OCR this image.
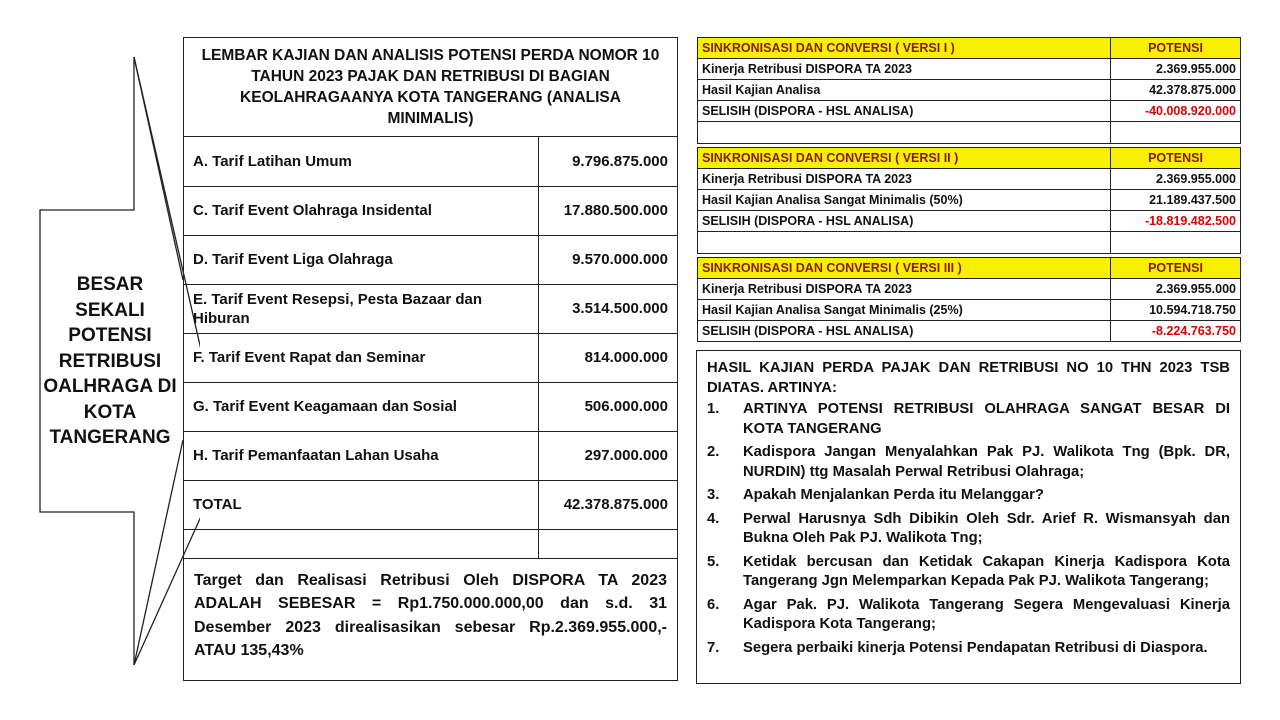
BESAR
SEKALI
POTENSI
RETRIBUSI
OALHRAGA DI
KOTA
TANGERANG
LEMBAR KAJIAN DAN ANALISIS POTENSI PERDA NOMOR 10 TAHUN 2023 PAJAK DAN RETRIBUSI DI BAGIAN KEOLAHRAGAANYA KOTA TANGERANG (ANALISA MINIMALIS)
A. Tarif Latihan Umum	9.796.875.000
C. Tarif Event Olahraga Insidental	17.880.500.000
D. Tarif Event Liga Olahraga	9.570.000.000
E. Tarif Event Resepsi, Pesta Bazaar dan Hiburan	3.514.500.000
F. Tarif Event Rapat dan Seminar	814.000.000
G. Tarif Event Keagamaan dan Sosial	506.000.000
H. Tarif Pemanfaatan Lahan Usaha	297.000.000
TOTAL	42.378.875.000

Target dan Realisasi Retribusi Oleh DISPORA TA 2023 ADALAH SEBESAR = Rp1.750.000.000,00 dan s.d. 31 Desember 2023 direalisasikan sebesar Rp.2.369.955.000,- ATAU 135,43%
SINKRONISASI DAN CONVERSI ( VERSI I )	POTENSI
Kinerja Retribusi DISPORA TA 2023	2.369.955.000
Hasil Kajian Analisa	42.378.875.000
SELISIH (DISPORA - HSL ANALISA)	-40.008.920.000

SINKRONISASI DAN CONVERSI ( VERSI II )	POTENSI
Kinerja Retribusi DISPORA TA 2023	2.369.955.000
Hasil Kajian Analisa Sangat Minimalis (50%)	21.189.437.500
SELISIH (DISPORA - HSL ANALISA)	-18.819.482.500

SINKRONISASI DAN CONVERSI ( VERSI III )	POTENSI
Kinerja Retribusi DISPORA TA 2023	2.369.955.000
Hasil Kajian Analisa Sangat Minimalis (25%)	10.594.718.750
SELISIH (DISPORA - HSL ANALISA)	-8.224.763.750
HASIL KAJIAN PERDA PAJAK DAN RETRIBUSI NO 10 THN 2023 TSB DIATAS. ARTINYA:
1.	ARTINYA POTENSI RETRIBUSI OLAHRAGA SANGAT BESAR DI KOTA TANGERANG
2.	Kadispora Jangan Menyalahkan Pak PJ. Walikota Tng (Bpk. DR, NURDIN) ttg Masalah Perwal Retribusi Olahraga;
3.	Apakah Menjalankan Perda itu Melanggar?
4.	Perwal Harusnya Sdh Dibikin Oleh Sdr. Arief R. Wismansyah dan Bukna Oleh Pak PJ. Walikota Tng;
5.	Ketidak bercusan dan Ketidak Cakapan Kinerja Kadispora Kota Tangerang Jgn Melemparkan Kepada Pak PJ. Walikota Tangerang;
6.	Agar Pak. PJ. Walikota Tangerang Segera Mengevaluasi Kinerja Kadispora Kota Tangerang;
7.	Segera perbaiki kinerja Potensi Pendapatan Retribusi di Diaspora.
